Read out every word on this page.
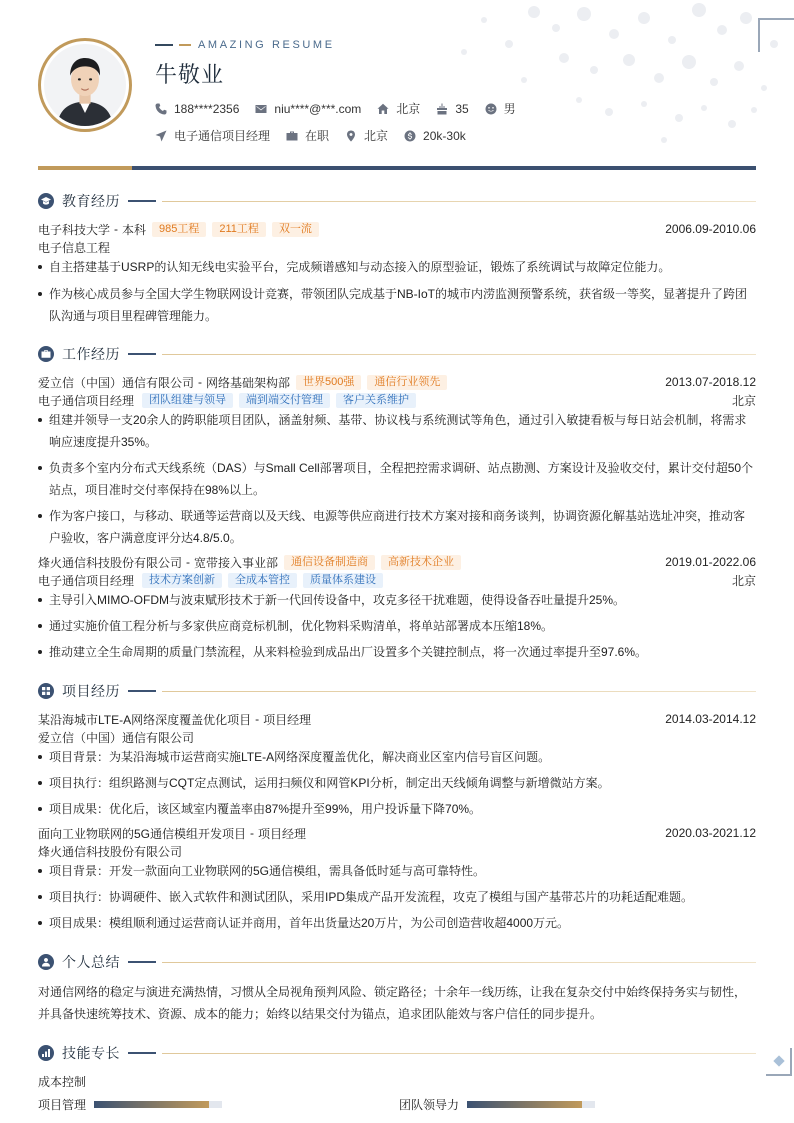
AMAZING RESUME
牛敬业
188****2356	niu****@***.com	北京	35	男
电子通信项目经理	在职	北京	20k-30k
教育经历
电子科技大学 - 本科	985工程	211工程	双一流	2006.09-2010.06
电子信息工程
自主搭建基于USRP的认知无线电实验平台，完成频谱感知与动态接入的原型验证，锻炼了系统调试与故障定位能力。
作为核心成员参与全国大学生物联网设计竞赛，带领团队完成基于NB-IoT的城市内涝监测预警系统，获省级一等奖，显著提升了跨团队沟通与项目里程碑管理能力。
工作经历
爱立信（中国）通信有限公司 - 网络基础架构部	世界500强	通信行业领先	2013.07-2018.12
电子通信项目经理	团队组建与领导	端到端交付管理	客户关系维护	北京
组建并领导一支20余人的跨职能项目团队，涵盖射频、基带、协议栈与系统测试等角色，通过引入敏捷看板与每日站会机制，将需求响应速度提升35%。
负责多个室内分布式天线系统（DAS）与Small Cell部署项目，全程把控需求调研、站点勘测、方案设计及验收交付，累计交付超50个站点，项目准时交付率保持在98%以上。
作为客户接口，与移动、联通等运营商以及天线、电源等供应商进行技术方案对接和商务谈判，协调资源化解基站选址冲突，推动客户验收，客户满意度评分达4.8/5.0。
烽火通信科技股份有限公司 - 宽带接入事业部	通信设备制造商	高新技术企业	2019.01-2022.06
电子通信项目经理	技术方案创新	全成本管控	质量体系建设	北京
主导引入MIMO-OFDM与波束赋形技术于新一代回传设备中，攻克多径干扰难题，使得设备吞吐量提升25%。
通过实施价值工程分析与多家供应商竞标机制，优化物料采购清单，将单站部署成本压缩18%。
推动建立全生命周期的质量门禁流程，从来料检验到成品出厂设置多个关键控制点，将一次通过率提升至97.6%。
项目经历
某沿海城市LTE-A网络深度覆盖优化项目 - 项目经理	2014.03-2014.12
爱立信（中国）通信有限公司
项目背景：为某沿海城市运营商实施LTE-A网络深度覆盖优化，解决商业区室内信号盲区问题。
项目执行：组织路测与CQT定点测试，运用扫频仪和网管KPI分析，制定出天线倾角调整与新增微站方案。
项目成果：优化后，该区域室内覆盖率由87%提升至99%，用户投诉量下降70%。
面向工业物联网的5G通信模组开发项目 - 项目经理	2020.03-2021.12
烽火通信科技股份有限公司
项目背景：开发一款面向工业物联网的5G通信模组，需具备低时延与高可靠特性。
项目执行：协调硬件、嵌入式软件和测试团队，采用IPD集成产品开发流程，攻克了模组与国产基带芯片的功耗适配难题。
项目成果：模组顺利通过运营商认证并商用，首年出货量达20万片，为公司创造营收超4000万元。
个人总结
对通信网络的稳定与演进充满热情，习惯从全局视角预判风险、锁定路径；十余年一线历练，让我在复杂交付中始终保持务实与韧性，并具备快速统筹技术、资源、成本的能力；始终以结果交付为锚点，追求团队能效与客户信任的同步提升。
技能专长
成本控制
项目管理	团队领导力
